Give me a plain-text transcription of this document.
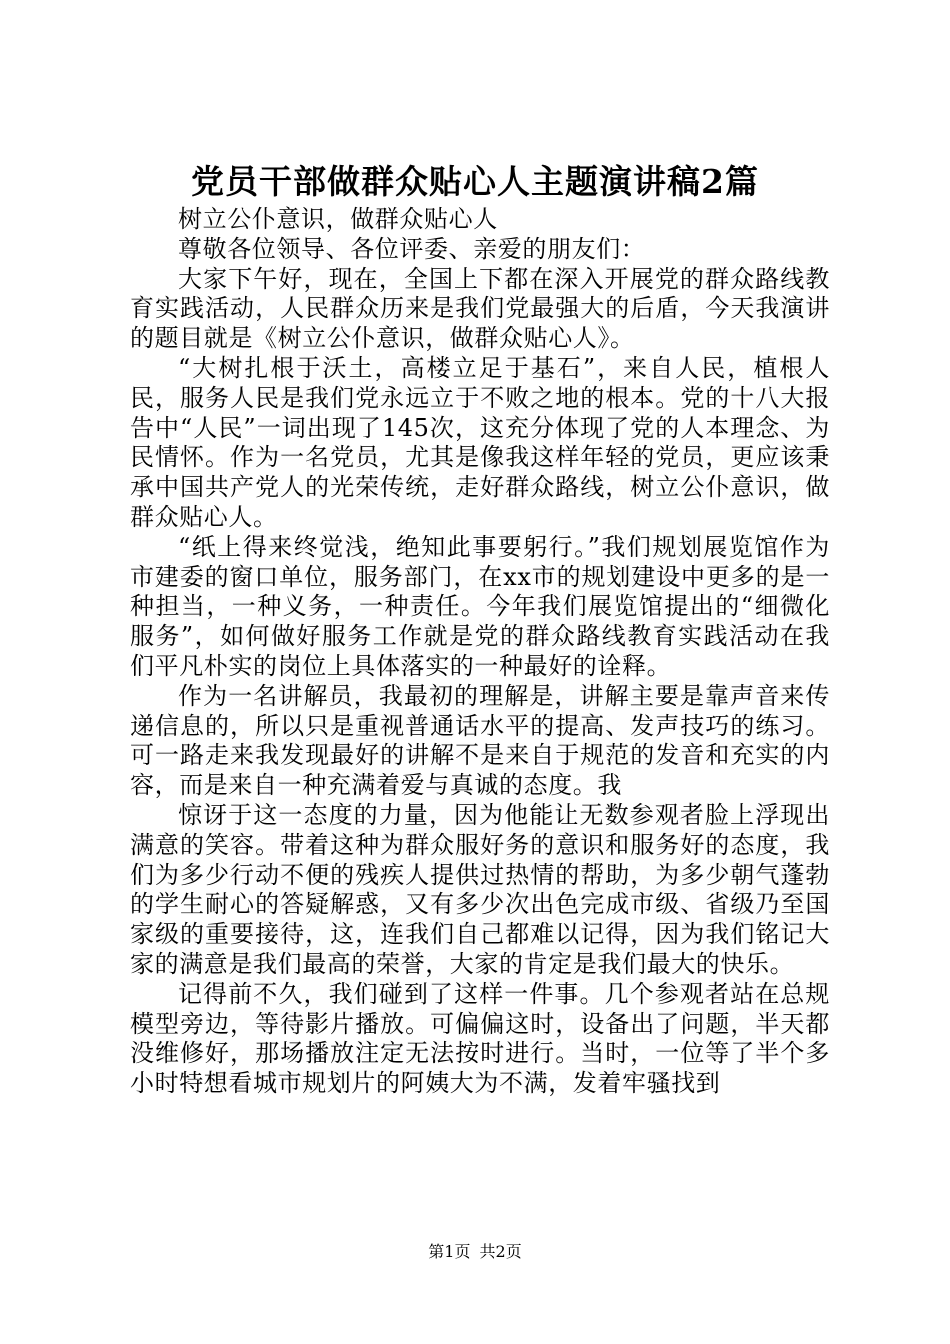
党员干部做群众贴心人主题演讲稿2篇

树立公仆意识，做群众贴心人

尊敬各位领导、各位评委、亲爱的朋友们：

大家下午好，现在，全国上下都在深入开展党的群众路线教育实践活动，人民群众历来是我们党最强大的后盾，今天我演讲的题目就是《树立公仆意识，做群众贴心人》。

“大树扎根于沃土，高楼立足于基石”，来自人民，植根人民，服务人民是我们党永远立于不败之地的根本。党的十八大报告中“人民”一词出现了145次，这充分体现了党的人本理念、为民情怀。作为一名党员，尤其是像我这样年轻的党员，更应该秉承中国共产党人的光荣传统，走好群众路线，树立公仆意识，做群众贴心人。

“纸上得来终觉浅，绝知此事要躬行。”我们规划展览馆作为市建委的窗口单位，服务部门，在xx市的规划建设中更多的是一种担当，一种义务，一种责任。今年我们展览馆提出的“细微化服务”，如何做好服务工作就是党的群众路线教育实践活动在我们平凡朴实的岗位上具体落实的一种最好的诠释。

作为一名讲解员，我最初的理解是，讲解主要是靠声音来传递信息的，所以只是重视普通话水平的提高、发声技巧的练习。可一路走来我发现最好的讲解不是来自于规范的发音和充实的内容，而是来自一种充满着爱与真诚的态度。我

惊讶于这一态度的力量，因为他能让无数参观者脸上浮现出满意的笑容。带着这种为群众服好务的意识和服务好的态度，我们为多少行动不便的残疾人提供过热情的帮助，为多少朝气蓬勃的学生耐心的答疑解惑，又有多少次出色完成市级、省级乃至国家级的重要接待，这，连我们自己都难以记得，因为我们铭记大家的满意是我们最高的荣誉，大家的肯定是我们最大的快乐。

记得前不久，我们碰到了这样一件事。几个参观者站在总规模型旁边，等待影片播放。可偏偏这时，设备出了问题，半天都没维修好，那场播放注定无法按时进行。当时，一位等了半个多小时特想看城市规划片的阿姨大为不满，发着牢骚找到

第1页 共2页
